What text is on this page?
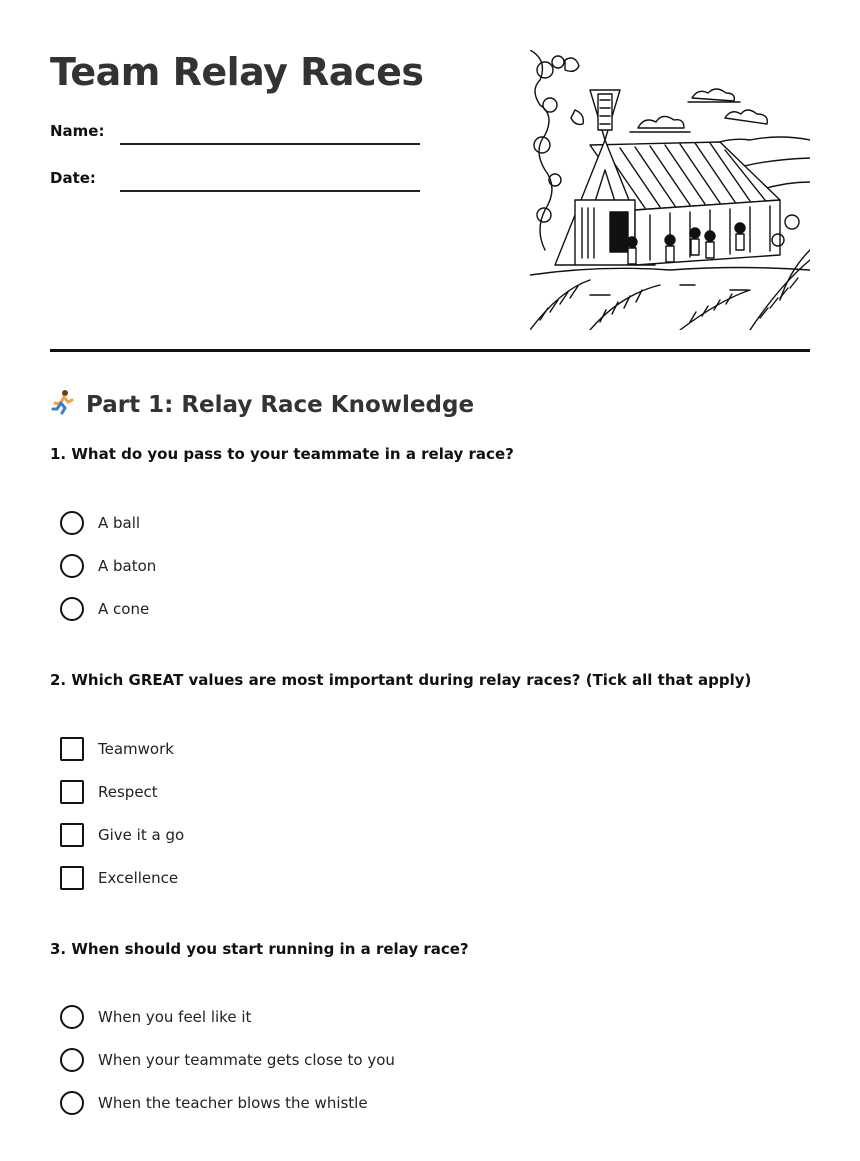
Team Relay Races
Name:
Date:
Part 1: Relay Race Knowledge
1. What do you pass to your teammate in a relay race?
A ball
A baton
A cone
2. Which GREAT values are most important during relay races? (Tick all that apply)
Teamwork
Respect
Give it a go
Excellence
3. When should you start running in a relay race?
When you feel like it
When your teammate gets close to you
When the teacher blows the whistle
